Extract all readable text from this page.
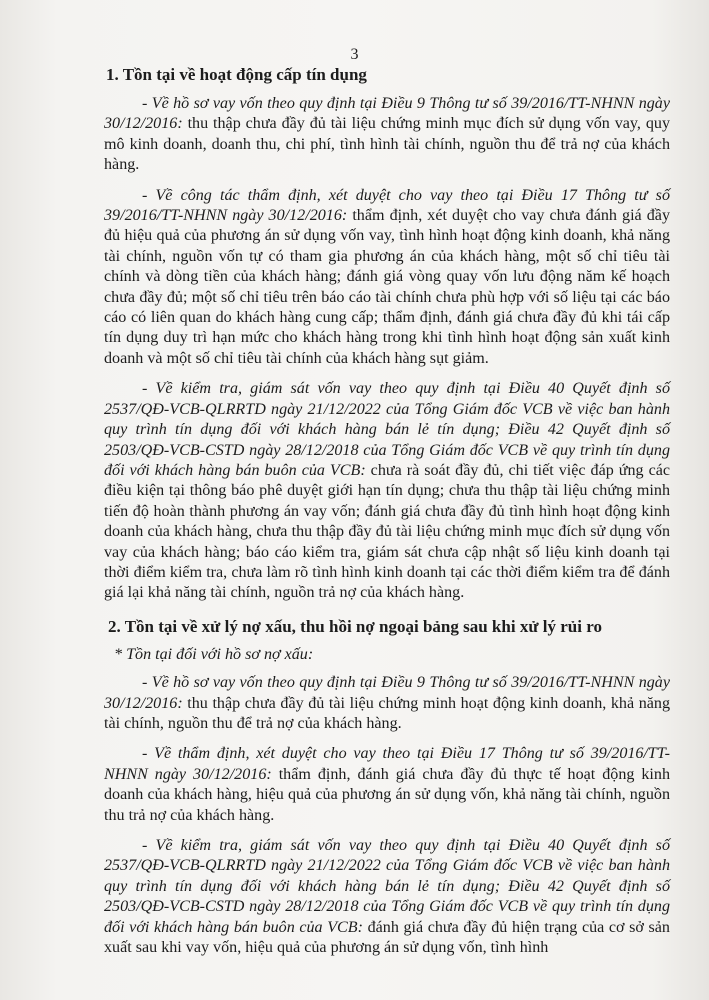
3
1. Tồn tại về hoạt động cấp tín dụng

- Về hồ sơ vay vốn theo quy định tại Điều 9 Thông tư số 39/2016/TT-NHNN ngày 30/12/2016: thu thập chưa đầy đủ tài liệu chứng minh mục đích sử dụng vốn vay, quy mô kinh doanh, doanh thu, chi phí, tình hình tài chính, nguồn thu để trả nợ của khách hàng.

- Về công tác thẩm định, xét duyệt cho vay theo tại Điều 17 Thông tư số 39/2016/TT-NHNN ngày 30/12/2016: thẩm định, xét duyệt cho vay chưa đánh giá đầy đủ hiệu quả của phương án sử dụng vốn vay, tình hình hoạt động kinh doanh, khả năng tài chính, nguồn vốn tự có tham gia phương án của khách hàng, một số chỉ tiêu tài chính và dòng tiền của khách hàng; đánh giá vòng quay vốn lưu động năm kế hoạch chưa đầy đủ; một số chỉ tiêu trên báo cáo tài chính chưa phù hợp với số liệu tại các báo cáo có liên quan do khách hàng cung cấp; thẩm định, đánh giá chưa đầy đủ khi tái cấp tín dụng duy trì hạn mức cho khách hàng trong khi tình hình hoạt động sản xuất kinh doanh và một số chỉ tiêu tài chính của khách hàng sụt giảm.

- Về kiểm tra, giám sát vốn vay theo quy định tại Điều 40 Quyết định số 2537/QĐ-VCB-QLRRTD ngày 21/12/2022 của Tổng Giám đốc VCB về việc ban hành quy trình tín dụng đối với khách hàng bán lẻ tín dụng; Điều 42 Quyết định số 2503/QĐ-VCB-CSTD ngày 28/12/2018 của Tổng Giám đốc VCB về quy trình tín dụng đối với khách hàng bán buôn của VCB: chưa rà soát đầy đủ, chi tiết việc đáp ứng các điều kiện tại thông báo phê duyệt giới hạn tín dụng; chưa thu thập tài liệu chứng minh tiến độ hoàn thành phương án vay vốn; đánh giá chưa đầy đủ tình hình hoạt động kinh doanh của khách hàng, chưa thu thập đầy đủ tài liệu chứng minh mục đích sử dụng vốn vay của khách hàng; báo cáo kiểm tra, giám sát chưa cập nhật số liệu kinh doanh tại thời điểm kiểm tra, chưa làm rõ tình hình kinh doanh tại các thời điểm kiểm tra để đánh giá lại khả năng tài chính, nguồn trả nợ của khách hàng.

2. Tồn tại về xử lý nợ xấu, thu hồi nợ ngoại bảng sau khi xử lý rủi ro

* Tồn tại đối với hồ sơ nợ xấu:

- Về hồ sơ vay vốn theo quy định tại Điều 9 Thông tư số 39/2016/TT-NHNN ngày 30/12/2016: thu thập chưa đầy đủ tài liệu chứng minh hoạt động kinh doanh, khả năng tài chính, nguồn thu để trả nợ của khách hàng.

- Về thẩm định, xét duyệt cho vay theo tại Điều 17 Thông tư số 39/2016/TT-NHNN ngày 30/12/2016: thẩm định, đánh giá chưa đầy đủ thực tế hoạt động kinh doanh của khách hàng, hiệu quả của phương án sử dụng vốn, khả năng tài chính, nguồn thu trả nợ của khách hàng.

- Về kiểm tra, giám sát vốn vay theo quy định tại Điều 40 Quyết định số 2537/QĐ-VCB-QLRRTD ngày 21/12/2022 của Tổng Giám đốc VCB về việc ban hành quy trình tín dụng đối với khách hàng bán lẻ tín dụng; Điều 42 Quyết định số 2503/QĐ-VCB-CSTD ngày 28/12/2018 của Tổng Giám đốc VCB về quy trình tín dụng đối với khách hàng bán buôn của VCB: đánh giá chưa đầy đủ hiện trạng của cơ sở sản xuất sau khi vay vốn, hiệu quả của phương án sử dụng vốn, tình hình
